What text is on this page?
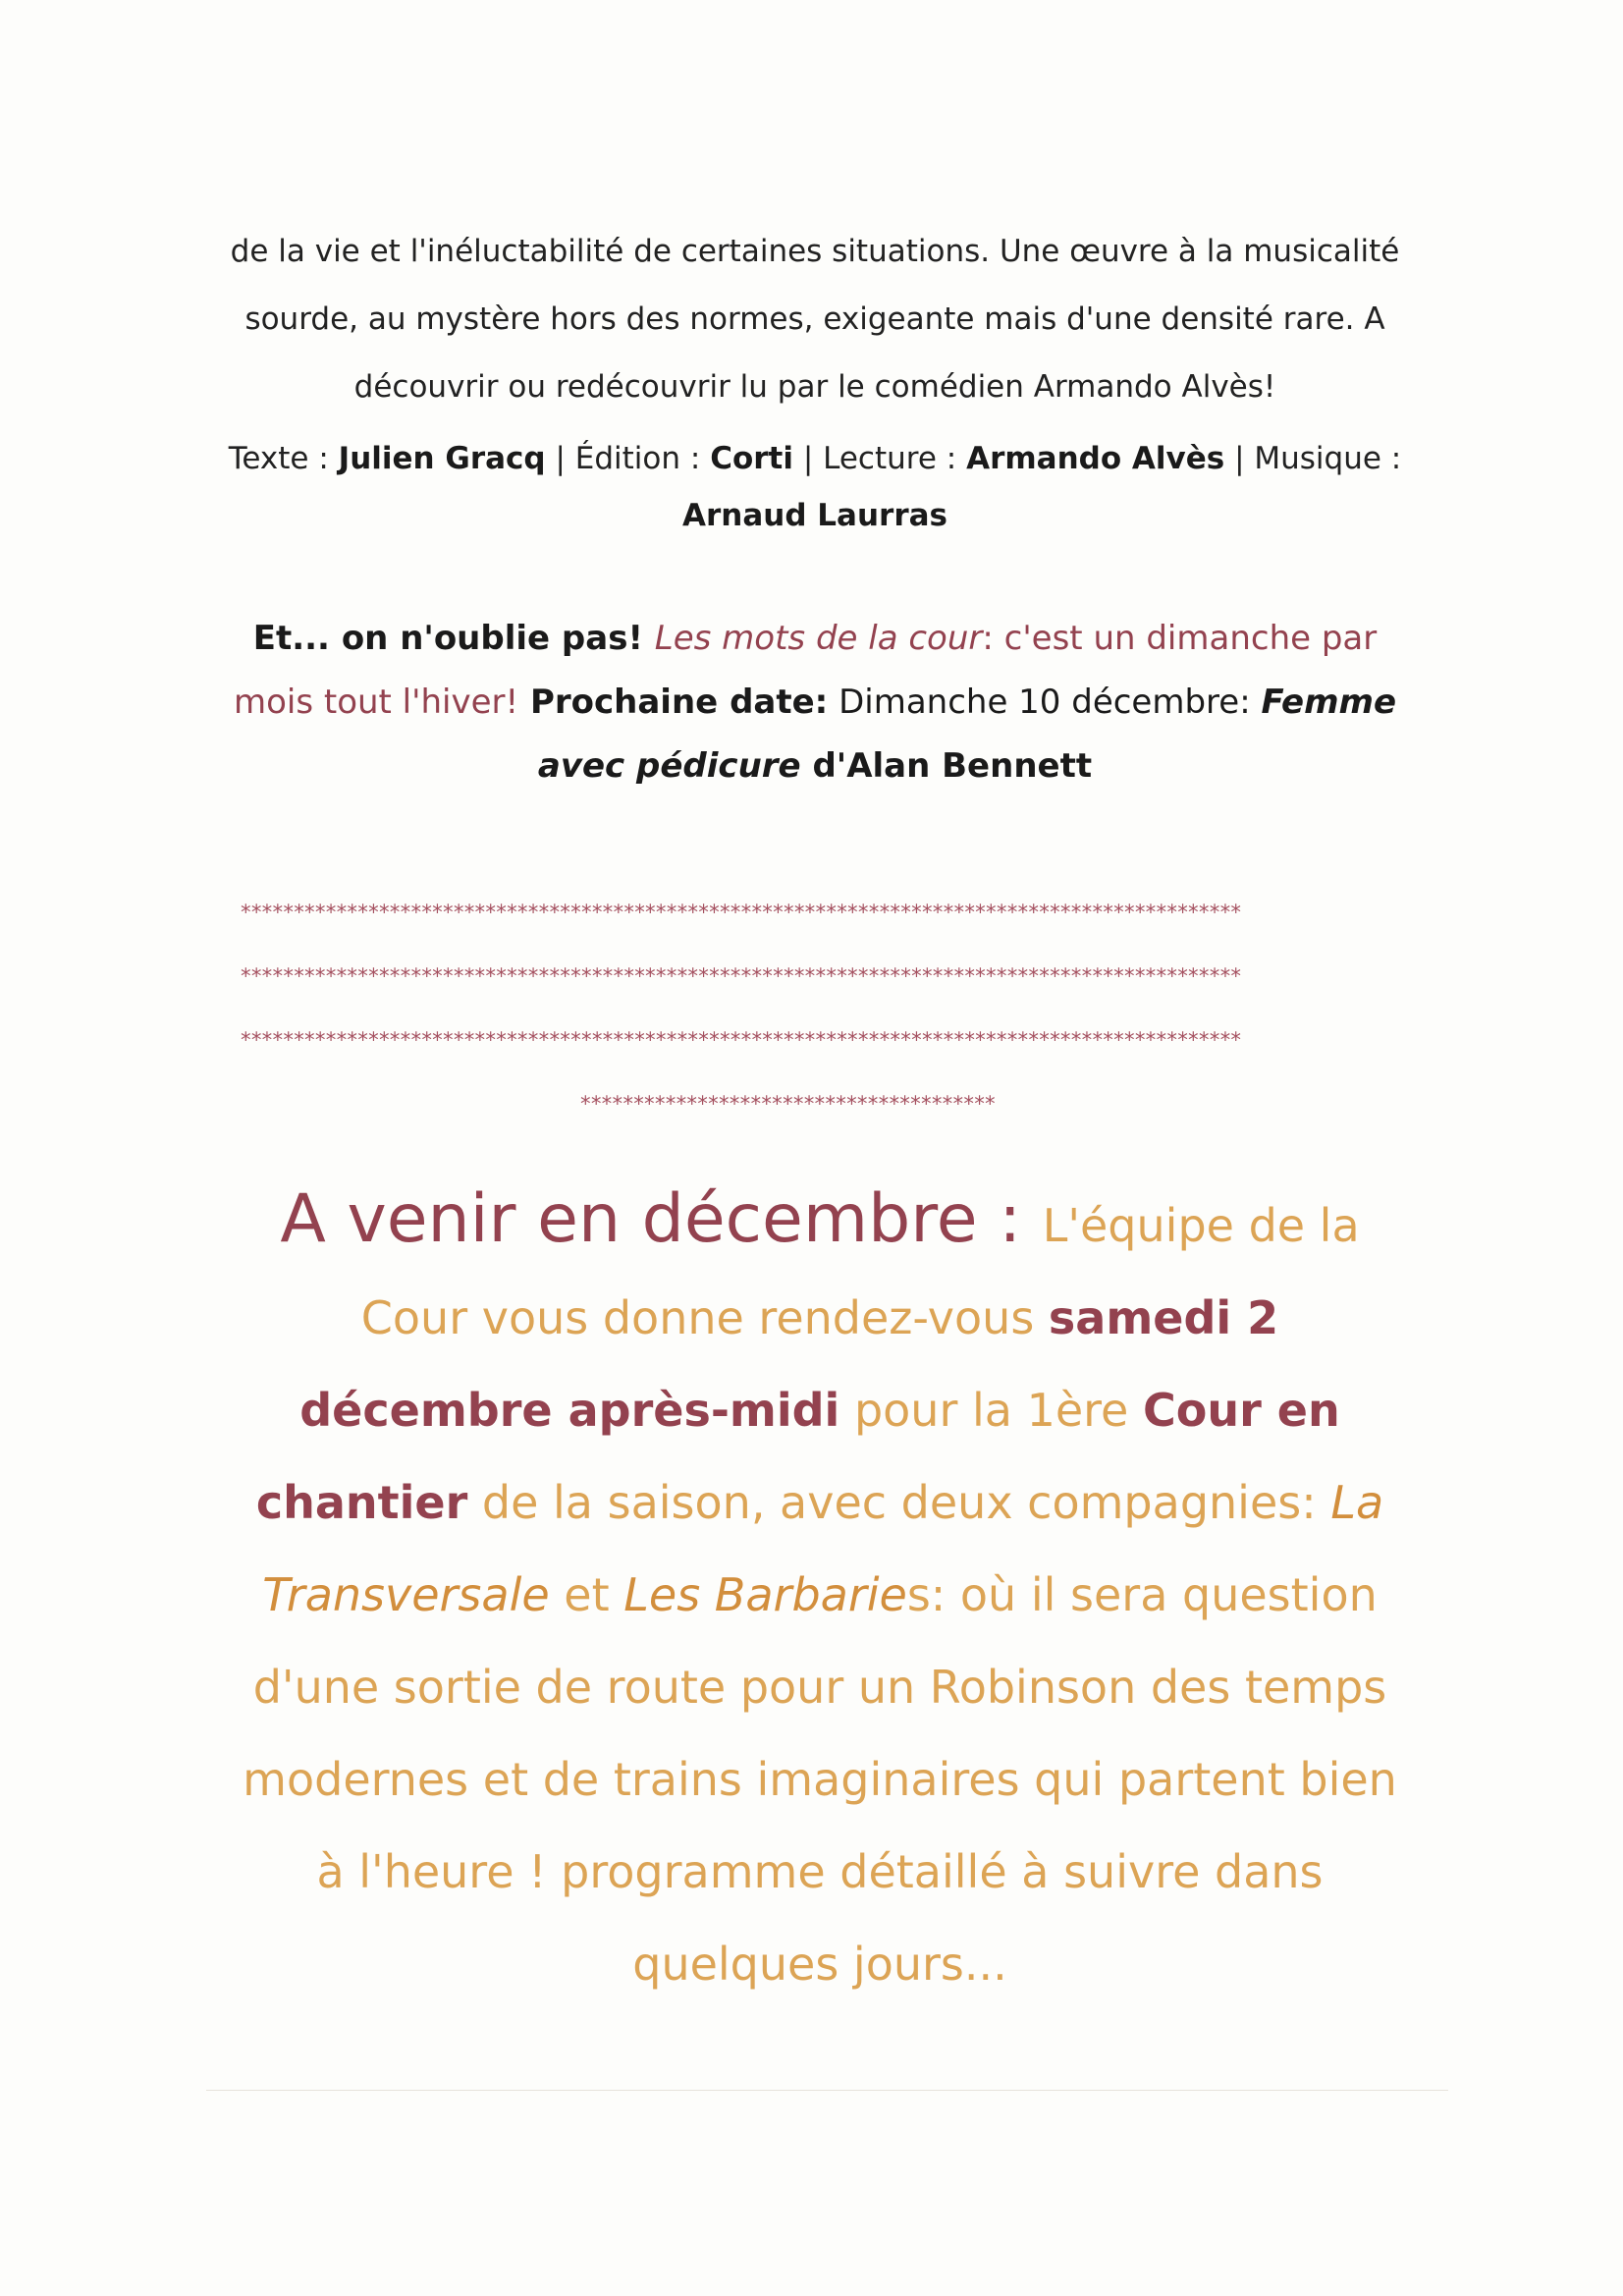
de la vie et l'inéluctabilité de certaines situations. Une œuvre à la musicalité
sourde, au mystère hors des normes, exigeante mais d'une densité rare. A
découvrir ou redécouvrir lu par le comédien Armando Alvès!
Texte : Julien Gracq | Édition : Corti | Lecture : Armando Alvès | Musique :
Arnaud Laurras
Et... on n'oublie pas! Les mots de la cour: c'est un dimanche par mois tout l'hiver! Prochaine date: Dimanche 10 décembre: Femme avec pédicure d'Alan Bennett
**********************************************************************************************
**********************************************************************************************
**********************************************************************************************
***************************************
A venir en décembre : L'équipe de la Cour vous donne rendez-vous samedi 2 décembre après-midi pour la 1ère Cour en chantier de la saison, avec deux compagnies: La Transversale et Les Barbaries: où il sera question d'une sortie de route pour un Robinson des temps modernes et de trains imaginaires qui partent bien à l'heure ! programme détaillé à suivre dans quelques jours...
